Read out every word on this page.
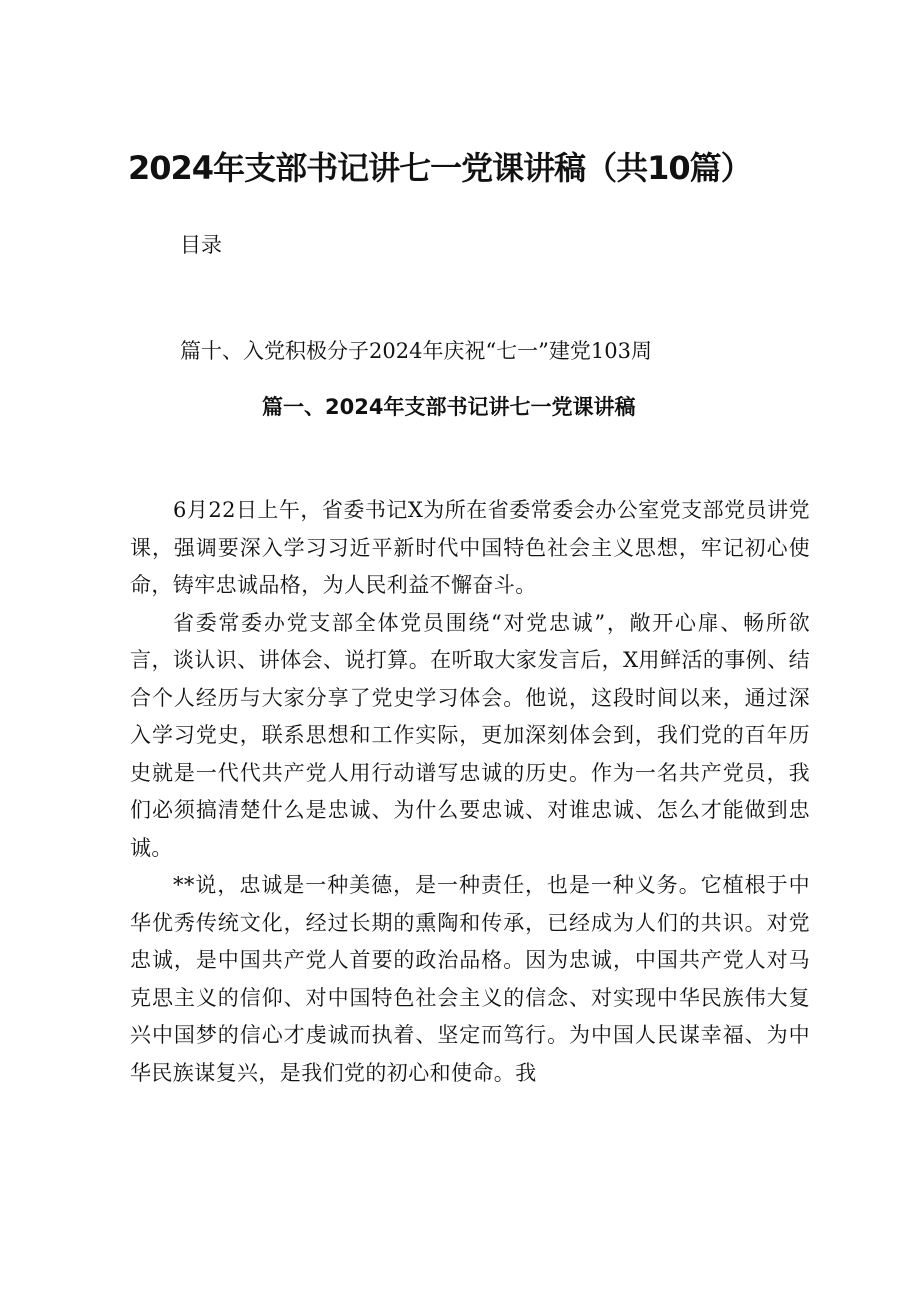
2024年支部书记讲七一党课讲稿（共10篇）
目录
篇十、入党积极分子2024年庆祝“七一”建党103周
篇一、2024年支部书记讲七一党课讲稿

6月22日上午，省委书记X为所在省委常委会办公室党支部党员讲党课，强调要深入学习习近平新时代中国特色社会主义思想，牢记初心使命，铸牢忠诚品格，为人民利益不懈奋斗。

省委常委办党支部全体党员围绕“对党忠诚”，敞开心扉、畅所欲言，谈认识、讲体会、说打算。在听取大家发言后，X用鲜活的事例、结合个人经历与大家分享了党史学习体会。他说，这段时间以来，通过深入学习党史，联系思想和工作实际，更加深刻体会到，我们党的百年历史就是一代代共产党人用行动谱写忠诚的历史。作为一名共产党员，我们必须搞清楚什么是忠诚、为什么要忠诚、对谁忠诚、怎么才能做到忠诚。

**说，忠诚是一种美德，是一种责任，也是一种义务。它植根于中华优秀传统文化，经过长期的熏陶和传承，已经成为人们的共识。对党忠诚，是中国共产党人首要的政治品格。因为忠诚，中国共产党人对马克思主义的信仰、对中国特色社会主义的信念、对实现中华民族伟大复兴中国梦的信心才虔诚而执着、坚定而笃行。为中国人民谋幸福、为中华民族谋复兴，是我们党的初心和使命。我
